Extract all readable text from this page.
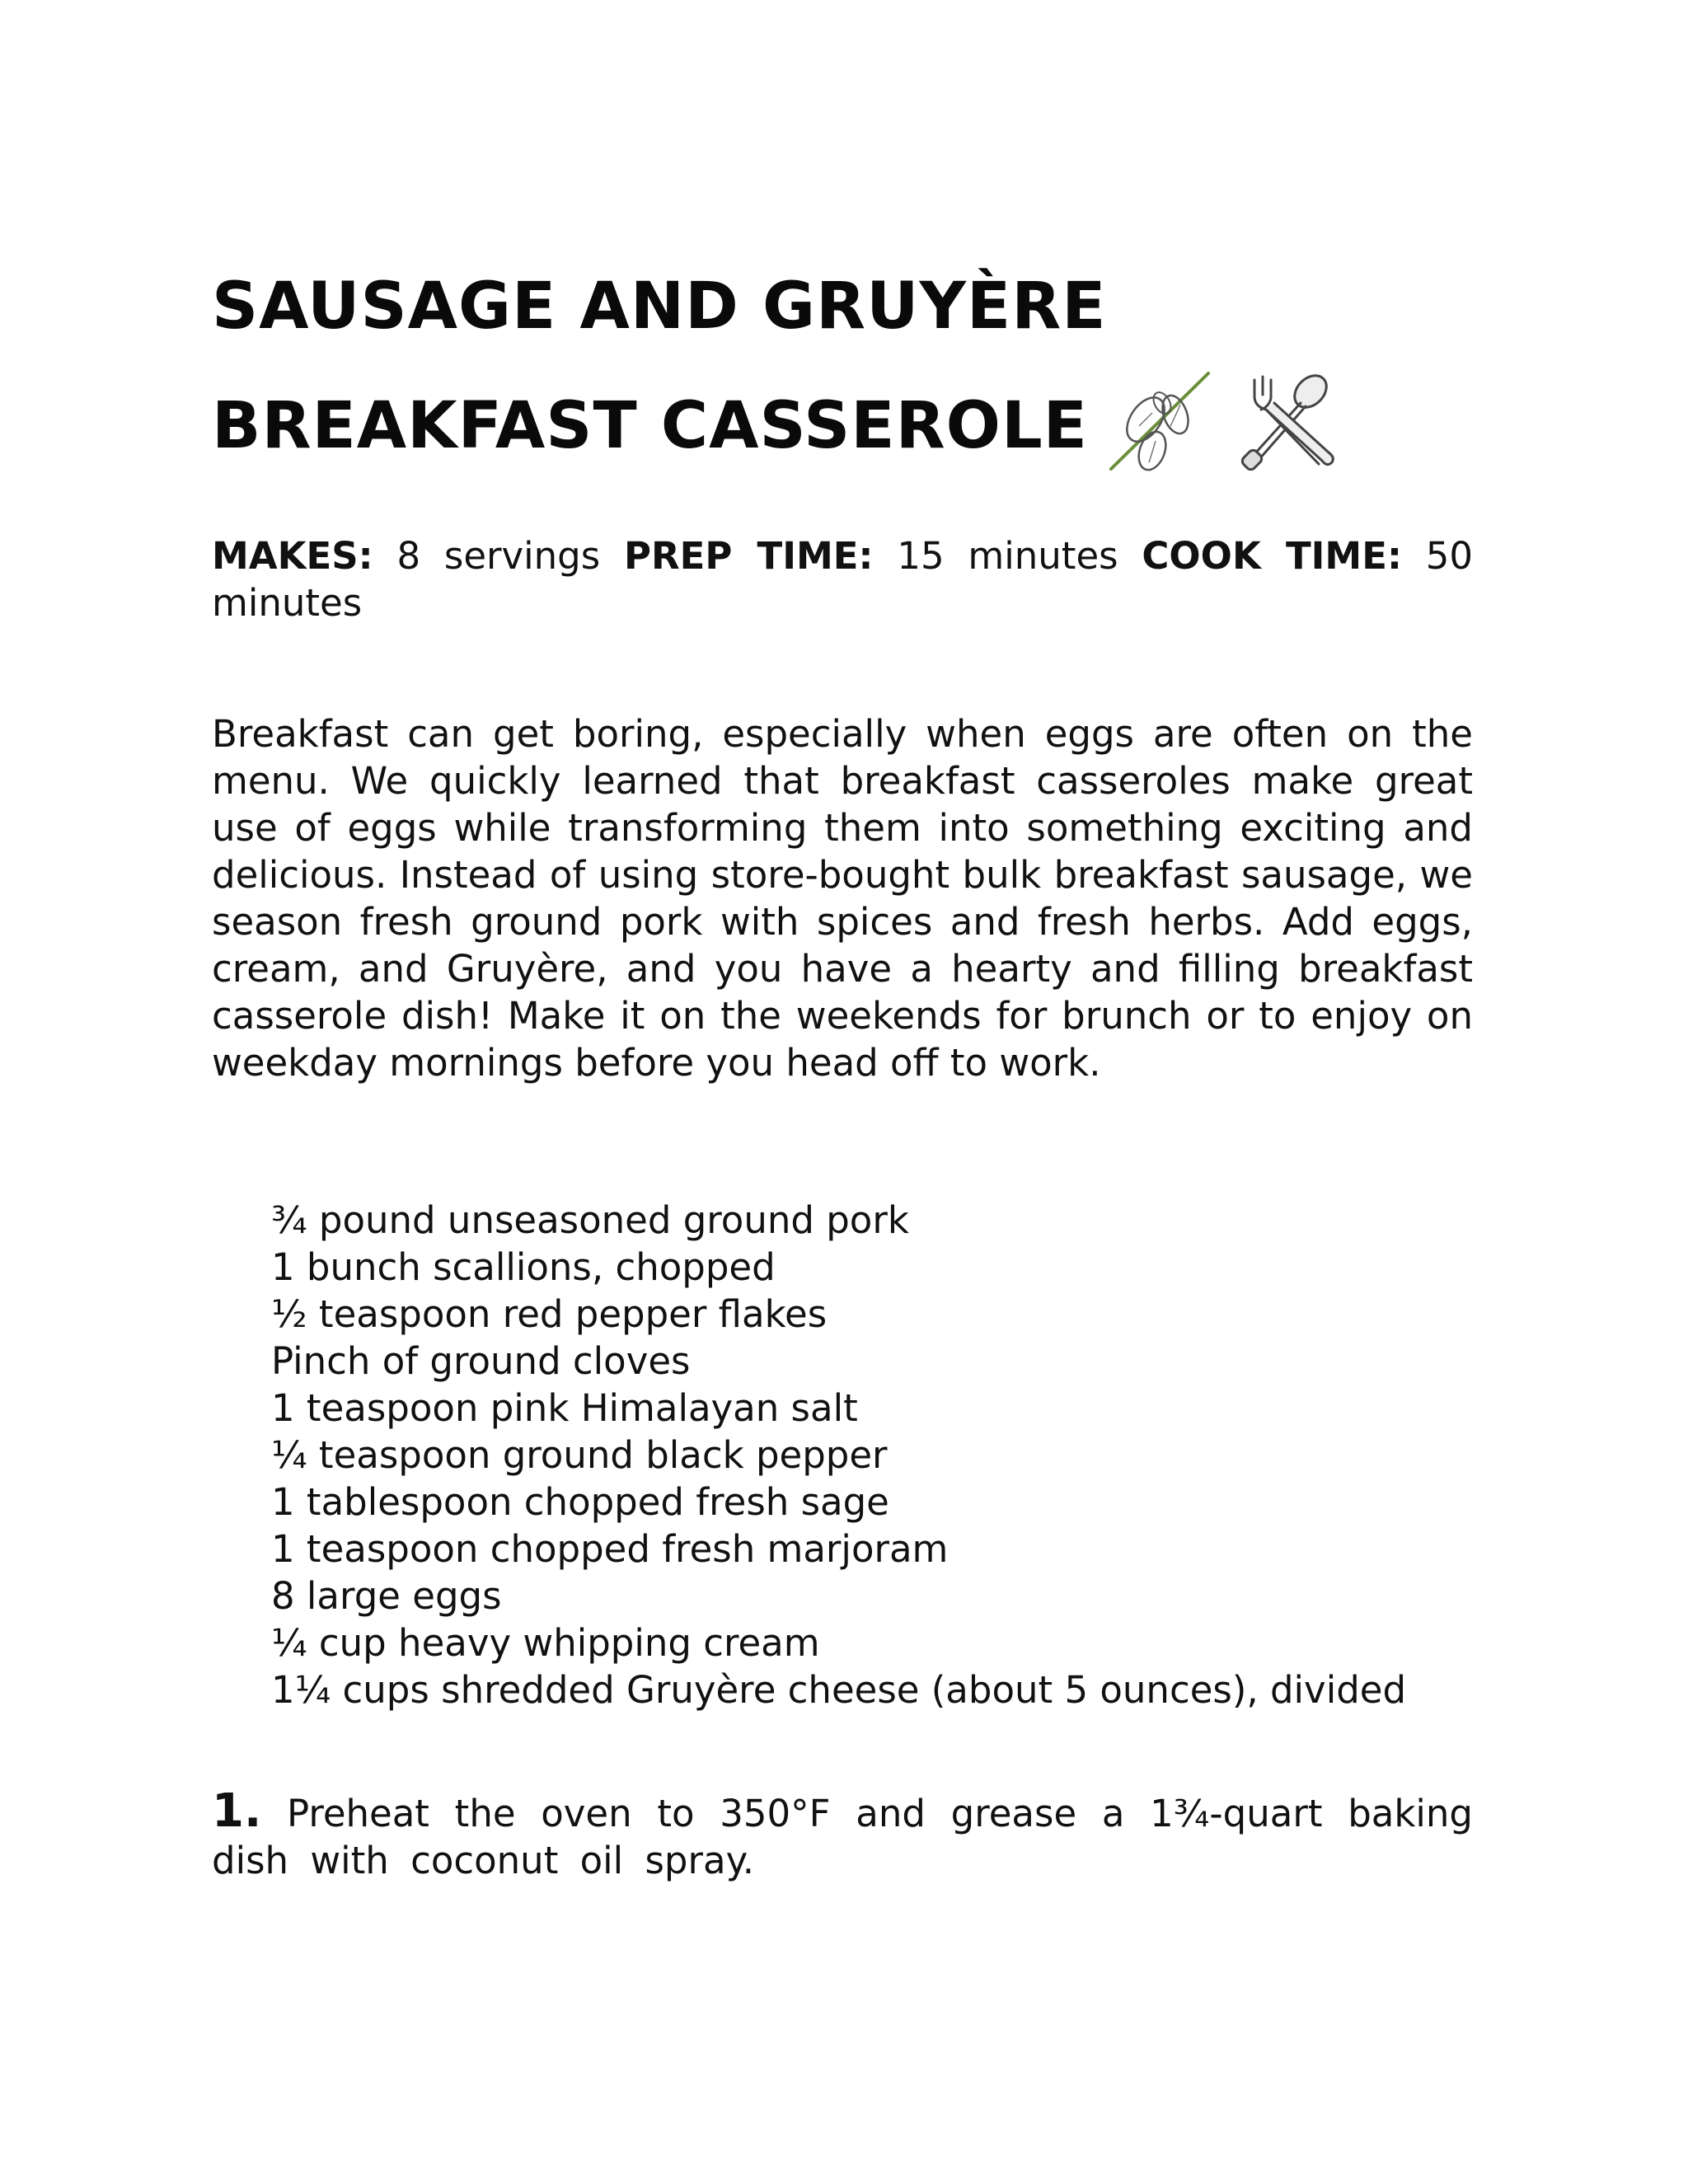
SAUSAGE AND GRUYÈRE
BREAKFAST CASSEROLE

MAKES: 8 servings PREP TIME: 15 minutes COOK TIME: 50 minutes

Breakfast can get boring, especially when eggs are often on the menu. We quickly learned that breakfast casseroles make great use of eggs while transforming them into something exciting and delicious. Instead of using store-bought bulk breakfast sausage, we season fresh ground pork with spices and fresh herbs. Add eggs, cream, and Gruyère, and you have a hearty and filling breakfast casserole dish! Make it on the weekends for brunch or to enjoy on weekday mornings before you head off to work.

¾ pound unseasoned ground pork
1 bunch scallions, chopped
½ teaspoon red pepper flakes
Pinch of ground cloves
1 teaspoon pink Himalayan salt
¼ teaspoon ground black pepper
1 tablespoon chopped fresh sage
1 teaspoon chopped fresh marjoram
8 large eggs
¼ cup heavy whipping cream
1¼ cups shredded Gruyère cheese (about 5 ounces), divided

1. Preheat the oven to 350°F and grease a 1¾-quart baking dish with coconut oil spray.
